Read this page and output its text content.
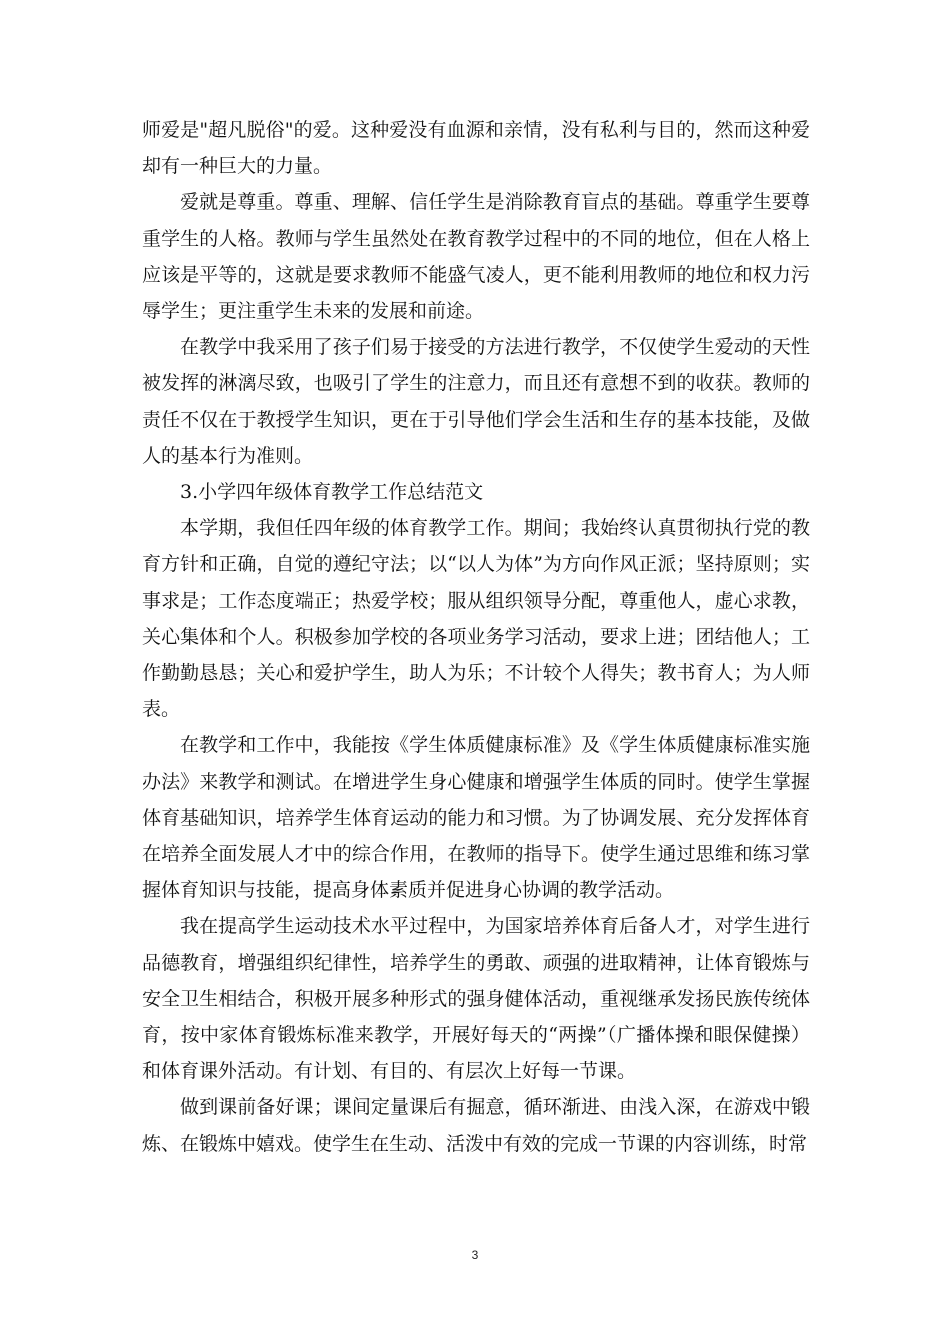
师爱是"超凡脱俗"的爱。这种爱没有血源和亲情，没有私利与目的，然而这种爱却有一种巨大的力量。

爱就是尊重。尊重、理解、信任学生是消除教育盲点的基础。尊重学生要尊重学生的人格。教师与学生虽然处在教育教学过程中的不同的地位，但在人格上应该是平等的，这就是要求教师不能盛气凌人，更不能利用教师的地位和权力污辱学生；更注重学生未来的发展和前途。

在教学中我采用了孩子们易于接受的方法进行教学，不仅使学生爱动的天性被发挥的淋漓尽致，也吸引了学生的注意力，而且还有意想不到的收获。教师的责任不仅在于教授学生知识，更在于引导他们学会生活和生存的基本技能，及做人的基本行为准则。

3.小学四年级体育教学工作总结范文

本学期，我但任四年级的体育教学工作。期间；我始终认真贯彻执行党的教育方针和正确，自觉的遵纪守法；以“以人为体”为方向作风正派；坚持原则；实事求是；工作态度端正；热爱学校；服从组织领导分配，尊重他人，虚心求教，关心集体和个人。积极参加学校的各项业务学习活动，要求上进；团结他人；工作勤勤恳恳；关心和爱护学生，助人为乐；不计较个人得失；教书育人；为人师表。

在教学和工作中，我能按《学生体质健康标准》及《学生体质健康标准实施办法》来教学和测试。在增进学生身心健康和增强学生体质的同时。使学生掌握体育基础知识，培养学生体育运动的能力和习惯。为了协调发展、充分发挥体育在培养全面发展人才中的综合作用，在教师的指导下。使学生通过思维和练习掌握体育知识与技能，提高身体素质并促进身心协调的教学活动。

我在提高学生运动技术水平过程中，为国家培养体育后备人才，对学生进行品德教育，增强组织纪律性，培养学生的勇敢、顽强的进取精神，让体育锻炼与安全卫生相结合，积极开展多种形式的强身健体活动，重视继承发扬民族传统体育，按中家体育锻炼标准来教学，开展好每天的“两操”（广播体操和眼保健操）和体育课外活动。有计划、有目的、有层次上好每一节课。

做到课前备好课；课间定量课后有掘意，循环渐进、由浅入深，在游戏中锻炼、在锻炼中嬉戏。使学生在生动、活泼中有效的完成一节课的内容训练，时常

3
